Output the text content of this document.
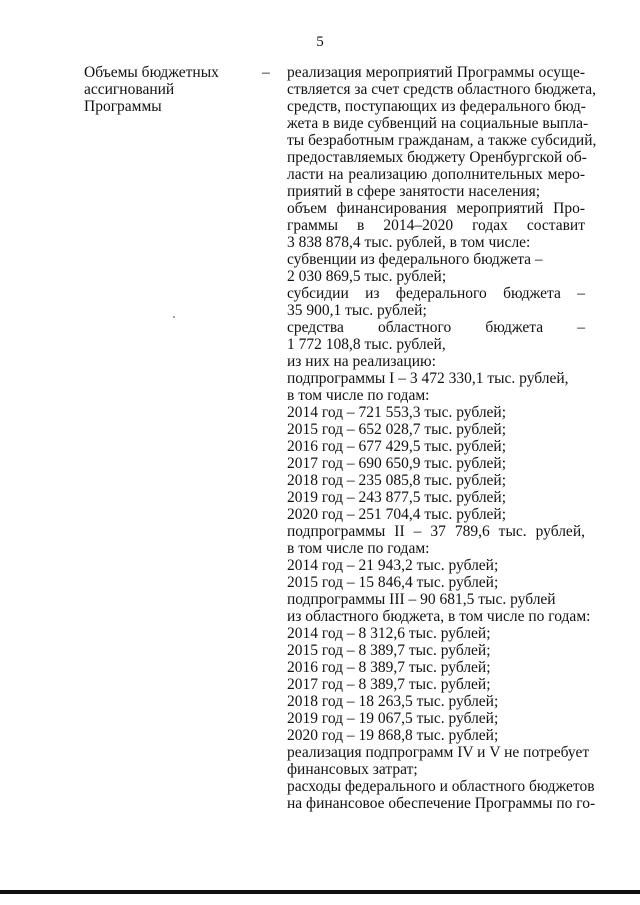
5
Объемы бюджетных
ассигнований Программы
– реализация мероприятий Программы осуще-
ствляется за счет средств областного бюджета,
средств, поступающих из федерального бюд-
жета в виде субвенций на социальные выпла-
ты безработным гражданам, а также субсидий,
предоставляемых бюджету Оренбургской об-
ласти на реализацию дополнительных меро-
приятий в сфере занятости населения;
объем финансирования мероприятий Про-
граммы в 2014–2020 годах составит
3 838 878,4 тыс. рублей, в том числе:
субвенции из федерального бюджета –
2 030 869,5 тыс. рублей;
субсидии из федерального бюджета –
35 900,1 тыс. рублей;
средства областного бюджета –
1 772 108,8 тыс. рублей,
из них на реализацию:
подпрограммы I – 3 472 330,1 тыс. рублей,
в том числе по годам:
2014 год – 721 553,3 тыс. рублей;
2015 год – 652 028,7 тыс. рублей;
2016 год – 677 429,5 тыс. рублей;
2017 год – 690 650,9 тыс. рублей;
2018 год – 235 085,8 тыс. рублей;
2019 год – 243 877,5 тыс. рублей;
2020 год – 251 704,4 тыс. рублей;
подпрограммы II – 37 789,6 тыс. рублей,
в том числе по годам:
2014 год – 21 943,2 тыс. рублей;
2015 год – 15 846,4 тыс. рублей;
подпрограммы III – 90 681,5 тыс. рублей
из областного бюджета, в том числе по годам:
2014 год – 8 312,6 тыс. рублей;
2015 год – 8 389,7 тыс. рублей;
2016 год – 8 389,7 тыс. рублей;
2017 год – 8 389,7 тыс. рублей;
2018 год – 18 263,5 тыс. рублей;
2019 год – 19 067,5 тыс. рублей;
2020 год – 19 868,8 тыс. рублей;
реализация подпрограмм IV и V не потребует
финансовых затрат;
расходы федерального и областного бюджетов
на финансовое обеспечение Программы по го-
